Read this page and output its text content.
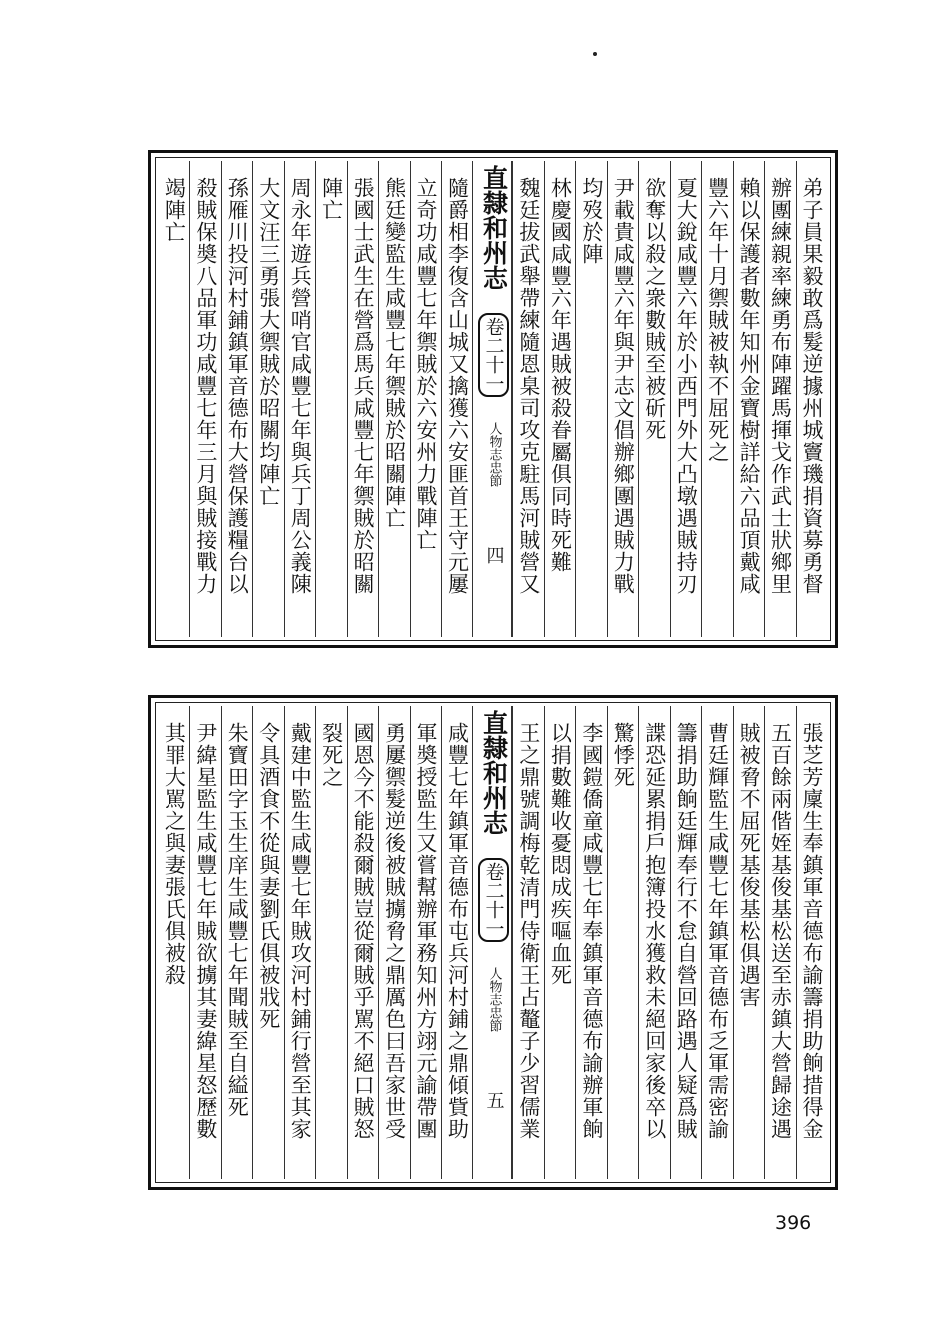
弟子員果毅敢爲髮逆據州城竇璣捐資募勇督
辦團練親率練勇布陣躍馬揮戈作武士狀鄉里
賴以保護者數年知州金寶樹詳給六品頂戴咸
豐六年十月禦賊被執不屈死之
夏大銳咸豐六年於小西門外大凸墩遇賊持刃
欲奪以殺之衆數賊至被斫死
尹載貴咸豐六年與尹志文倡辦鄉團遇賊力戰
均歿於陣
林慶國咸豐六年遇賊被殺眷屬俱同時死難
魏廷拔武舉帶練隨恩臬司攻克駐馬河賊營又
直隸和州志 卷二十一 人物志忠節 四
隨爵相李復含山城又擒獲六安匪首王守元屢
立奇功咸豐七年禦賊於六安州力戰陣亡
熊廷變監生咸豐七年禦賊於昭關陣亡
張國士武生在營爲馬兵咸豐七年禦賊於昭關
陣亡
周永年遊兵營哨官咸豐七年與兵丁周公義陳
大文汪三勇張大禦賊於昭關均陣亡
孫雁川投河村鋪鎮軍音德布大營保護糧台以
殺賊保奬八品軍功咸豐七年三月與賊接戰力
竭陣亡
張芝芳廩生奉鎮軍音德布諭籌捐助餉措得金
五百餘兩偕姪基俊基松送至赤鎮大營歸途遇
賊被脅不屈死基俊基松俱遇害
曹廷輝監生咸豐七年鎮軍音德布乏軍需密諭
籌捐助餉廷輝奉行不怠自營回路遇人疑爲賊
諜恐延累捐戶抱簿投水獲救未絕回家後卒以
驚悸死
李國鎧僑童咸豐七年奉鎮軍音德布諭辦軍餉
以捐數難收憂悶成疾嘔血死
王之鼎號調梅乾清門侍衛王占鼇子少習儒業
直隸和州志 卷二十一 人物志忠節 五
咸豐七年鎮軍音德布屯兵河村鋪之鼎傾貲助
軍奬授監生又嘗幫辦軍務知州方翊元諭帶團
勇屢禦髮逆後被賊擄脅之鼎厲色曰吾家世受
國恩今不能殺爾賊豈從爾賊乎駡不絕口賊怒
裂死之
戴建中監生咸豐七年賊攻河村鋪行營至其家
令具酒食不從與妻劉氏俱被戕死
朱寶田字玉生庠生咸豐七年聞賊至自縊死
尹緯星監生咸豐七年賊欲擄其妻緯星怒歷數
其罪大駡之與妻張氏俱被殺
396
